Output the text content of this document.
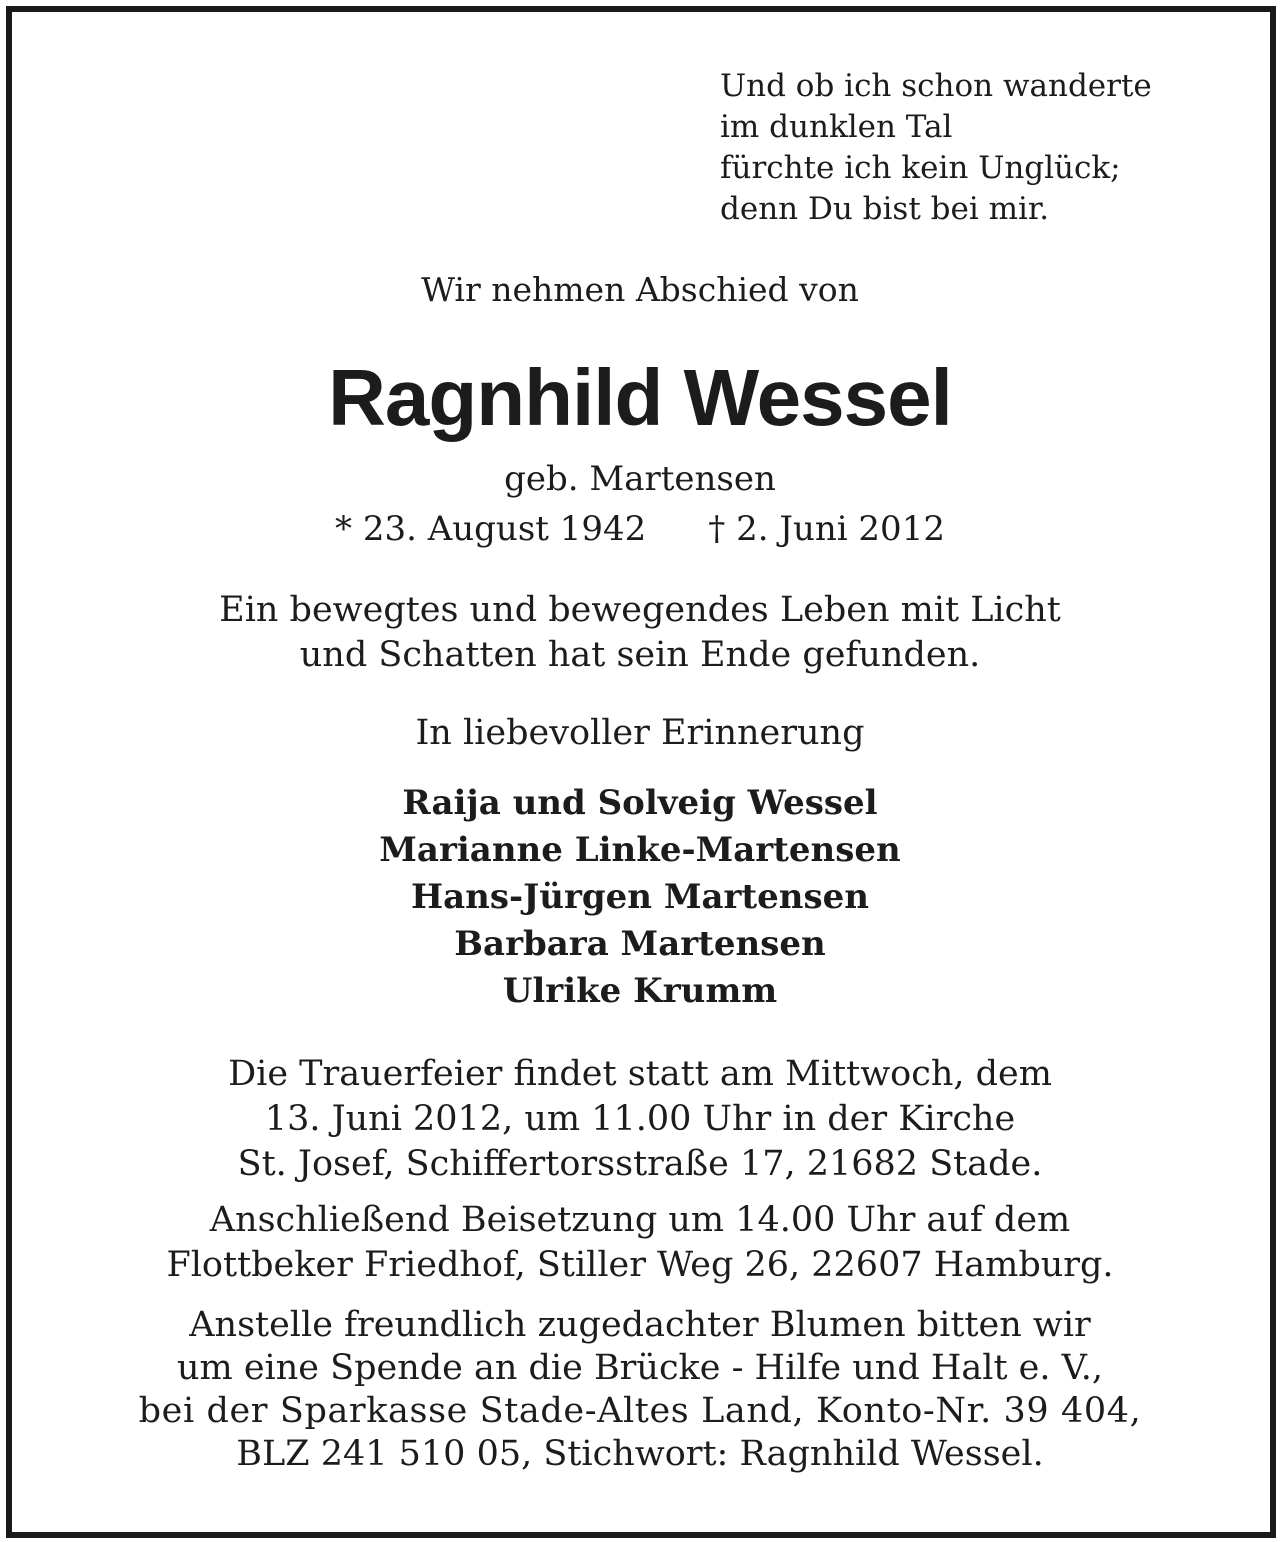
Und ob ich schon wanderte
im dunklen Tal
fürchte ich kein Unglück;
denn Du bist bei mir.
Wir nehmen Abschied von
Ragnhild Wessel
geb. Martensen
* 23. August 1942 † 2. Juni 2012
Ein bewegtes und bewegendes Leben mit Licht
und Schatten hat sein Ende gefunden.
In liebevoller Erinnerung
Raija und Solveig Wessel
Marianne Linke-Martensen
Hans-Jürgen Martensen
Barbara Martensen
Ulrike Krumm
Die Trauerfeier findet statt am Mittwoch, dem
13. Juni 2012, um 11.00 Uhr in der Kirche
St. Josef, Schiffertorsstraße 17, 21682 Stade.
Anschließend Beisetzung um 14.00 Uhr auf dem
Flottbeker Friedhof, Stiller Weg 26, 22607 Hamburg.
Anstelle freundlich zugedachter Blumen bitten wir
um eine Spende an die Brücke - Hilfe und Halt e. V.,
bei der Sparkasse Stade-Altes Land, Konto-Nr. 39 404,
BLZ 241 510 05, Stichwort: Ragnhild Wessel.
